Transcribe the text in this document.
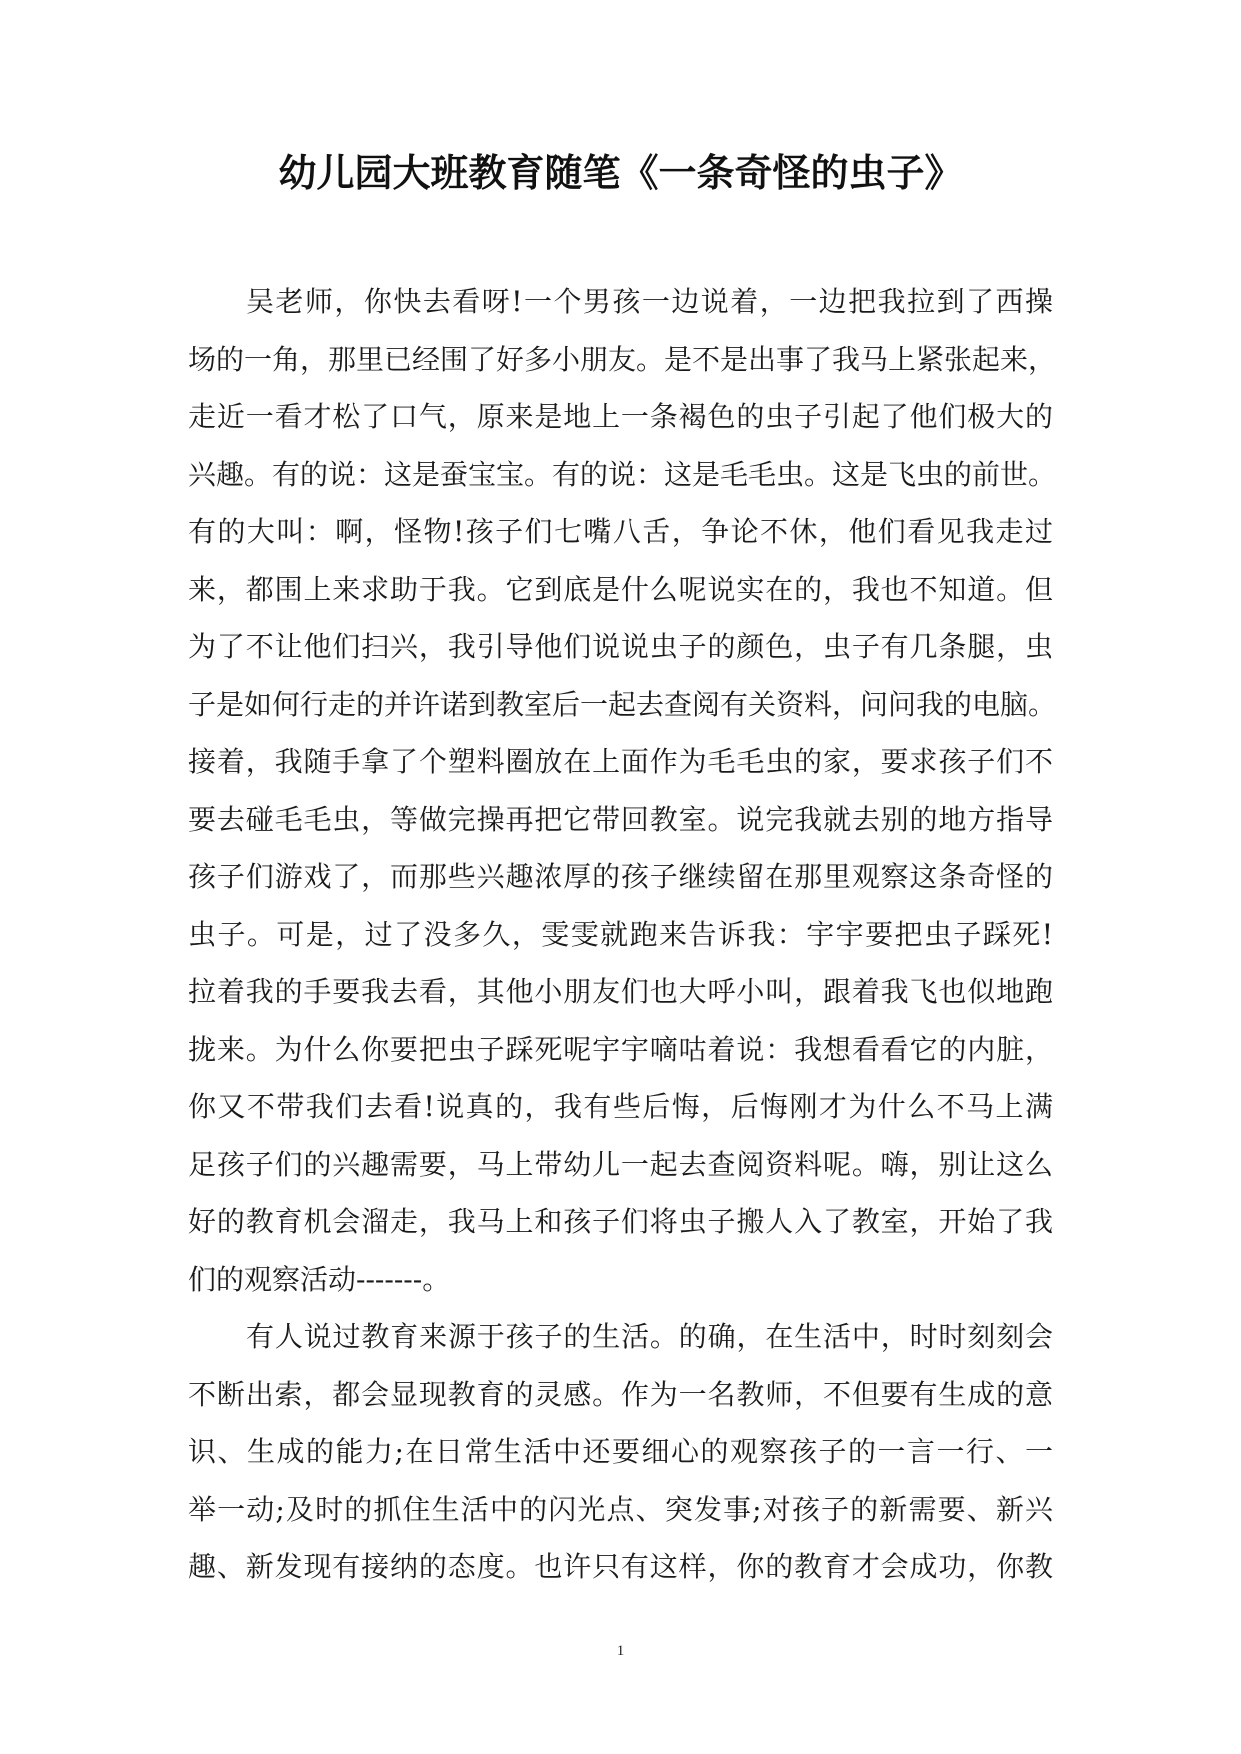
幼儿园大班教育随笔《一条奇怪的虫子》
吴老师，你快去看呀!一个男孩一边说着，一边把我拉到了西操
场的一角，那里已经围了好多小朋友。是不是出事了我马上紧张起来，
走近一看才松了口气，原来是地上一条褐色的虫子引起了他们极大的
兴趣。有的说：这是蚕宝宝。有的说：这是毛毛虫。这是飞虫的前世。
有的大叫：啊，怪物!孩子们七嘴八舌，争论不休，他们看见我走过
来，都围上来求助于我。它到底是什么呢说实在的，我也不知道。但
为了不让他们扫兴，我引导他们说说虫子的颜色，虫子有几条腿，虫
子是如何行走的并许诺到教室后一起去查阅有关资料，问问我的电脑。
接着，我随手拿了个塑料圈放在上面作为毛毛虫的家，要求孩子们不
要去碰毛毛虫，等做完操再把它带回教室。说完我就去别的地方指导
孩子们游戏了，而那些兴趣浓厚的孩子继续留在那里观察这条奇怪的
虫子。可是，过了没多久，雯雯就跑来告诉我：宇宇要把虫子踩死!
拉着我的手要我去看，其他小朋友们也大呼小叫，跟着我飞也似地跑
拢来。为什么你要把虫子踩死呢宇宇嘀咕着说：我想看看它的内脏，
你又不带我们去看!说真的，我有些后悔，后悔刚才为什么不马上满
足孩子们的兴趣需要，马上带幼儿一起去查阅资料呢。嗨，别让这么
好的教育机会溜走，我马上和孩子们将虫子搬人入了教室，开始了我
们的观察活动-------。
有人说过教育来源于孩子的生活。的确，在生活中，时时刻刻会
不断出索，都会显现教育的灵感。作为一名教师，不但要有生成的意
识、生成的能力;在日常生活中还要细心的观察孩子的一言一行、一
举一动;及时的抓住生活中的闪光点、突发事;对孩子的新需要、新兴
趣、新发现有接纳的态度。也许只有这样，你的教育才会成功，你教
1
